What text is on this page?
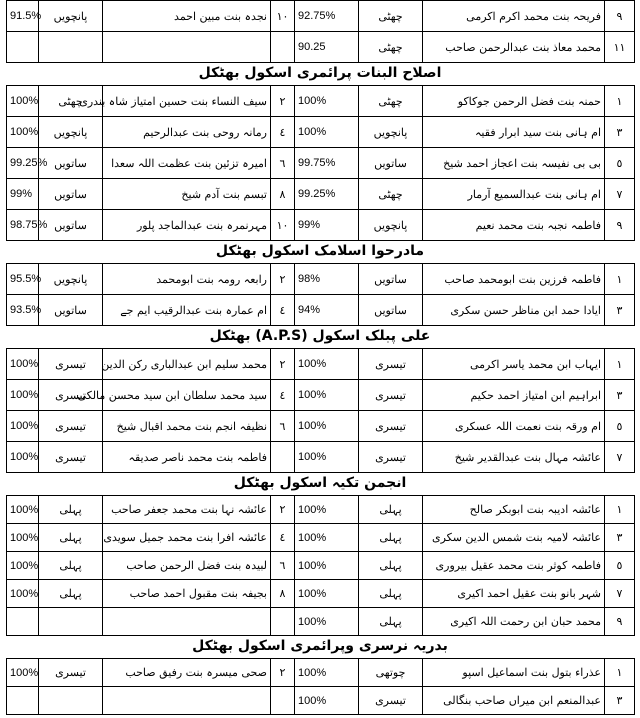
٩	فریحہ بنت محمد اکرم اکرمی	چھٹی	92.75%	١٠	نجدہ بنت مبین احمد	پانچویں	91.5%
١١	محمد معاذ بنت عبدالرحمن صاحب	چھٹی	90.25				
اصلاح البنات پرائمری اسکول بھٹکل
١	حمنہ بنت فضل الرحمن جوکاکو	چھٹی	100%	٢	سیف النساء بنت حسین امتیاز شاہ بندری	چھٹی	100%
٣	ام ہانی بنت سید ابرار فقیہ	پانچویں	100%	٤	رمانہ روحی بنت عبدالرحیم	پانچویں	100%
٥	بی بی نفیسہ بنت اعجاز احمد شیخ	ساتویں	99.75%	٦	امیرہ تزئین بنت عظمت اللہ سعدا	ساتویں	99.25%
٧	ام ہانی بنت عبدالسمیع آرمار	چھٹی	99.25%	٨	تبسم بنت آدم شیخ	ساتویں	99%
٩	فاطمہ نجبہ بنت محمد نعیم	پانچویں	99%	١٠	مہرنمرہ بنت عبدالماجد پلور	ساتویں	98.75%
مادرحوا اسلامک اسکول بھٹکل
١	فاطمہ فرزین بنت ابومحمد صاحب	ساتویں	98%	٢	رابعہ رومہ بنت ابومحمد	پانچویں	95.5%
٣	ایادا حمد ابن مناظر حسن سکری	ساتویں	94%	٤	ام عمارہ بنت عبدالرقیب ایم جے	ساتویں	93.5%
علی پبلک اسکول (A.P.S) بھٹکل
١	ایہاب ابن محمد یاسر اکرمی	تیسری	100%	٢	محمد سلیم ابن عبدالباری رکن الدین	تیسری	100%
٣	ابراہیم ابن امتیاز احمد حکیم	تیسری	100%	٤	سید محمد سلطان ابن سید محسن مالکی	تیسری	100%
٥	ام ورقہ بنت نعمت اللہ عسکری	تیسری	100%	٦	نظیفہ انجم بنت محمد اقبال شیخ	تیسری	100%
٧	عائشہ مہال بنت عبدالقدیر شیخ	تیسری	100%		فاطمہ بنت محمد ناصر صدیقہ	تیسری	100%
انجمن تکیہ اسکول بھٹکل
١	عائشہ ادیبہ بنت ابوبکر صالح	پہلی	100%	٢	عائشہ نہا بنت محمد جعفر صاحب	پہلی	100%
٣	عائشہ لامیہ بنت شمس الدین سکری	پہلی	100%	٤	عائشہ افرا بنت محمد جمیل سویدی	پہلی	100%
٥	فاطمہ کوثر بنت محمد عقیل بیروری	پہلی	100%	٦	لبیدہ بنت فضل الرحمن صاحب	پہلی	100%
٧	شہر بانو بنت عقیل احمد اکیری	پہلی	100%	٨	بجیفہ بنت مقبول احمد صاحب	پہلی	100%
٩	محمد حبان ابن رحمت اللہ اکیری	پہلی	100%				
بدریہ نرسری وپرائمری اسکول بھٹکل
١	عذراء بتول بنت اسماعیل اسپو	چوتھی	100%	٢	صحی میسرہ بنت رفیق صاحب	تیسری	100%
٣	عبدالمنعم ابن میراں صاحب بنگالی	تیسری	100%				
